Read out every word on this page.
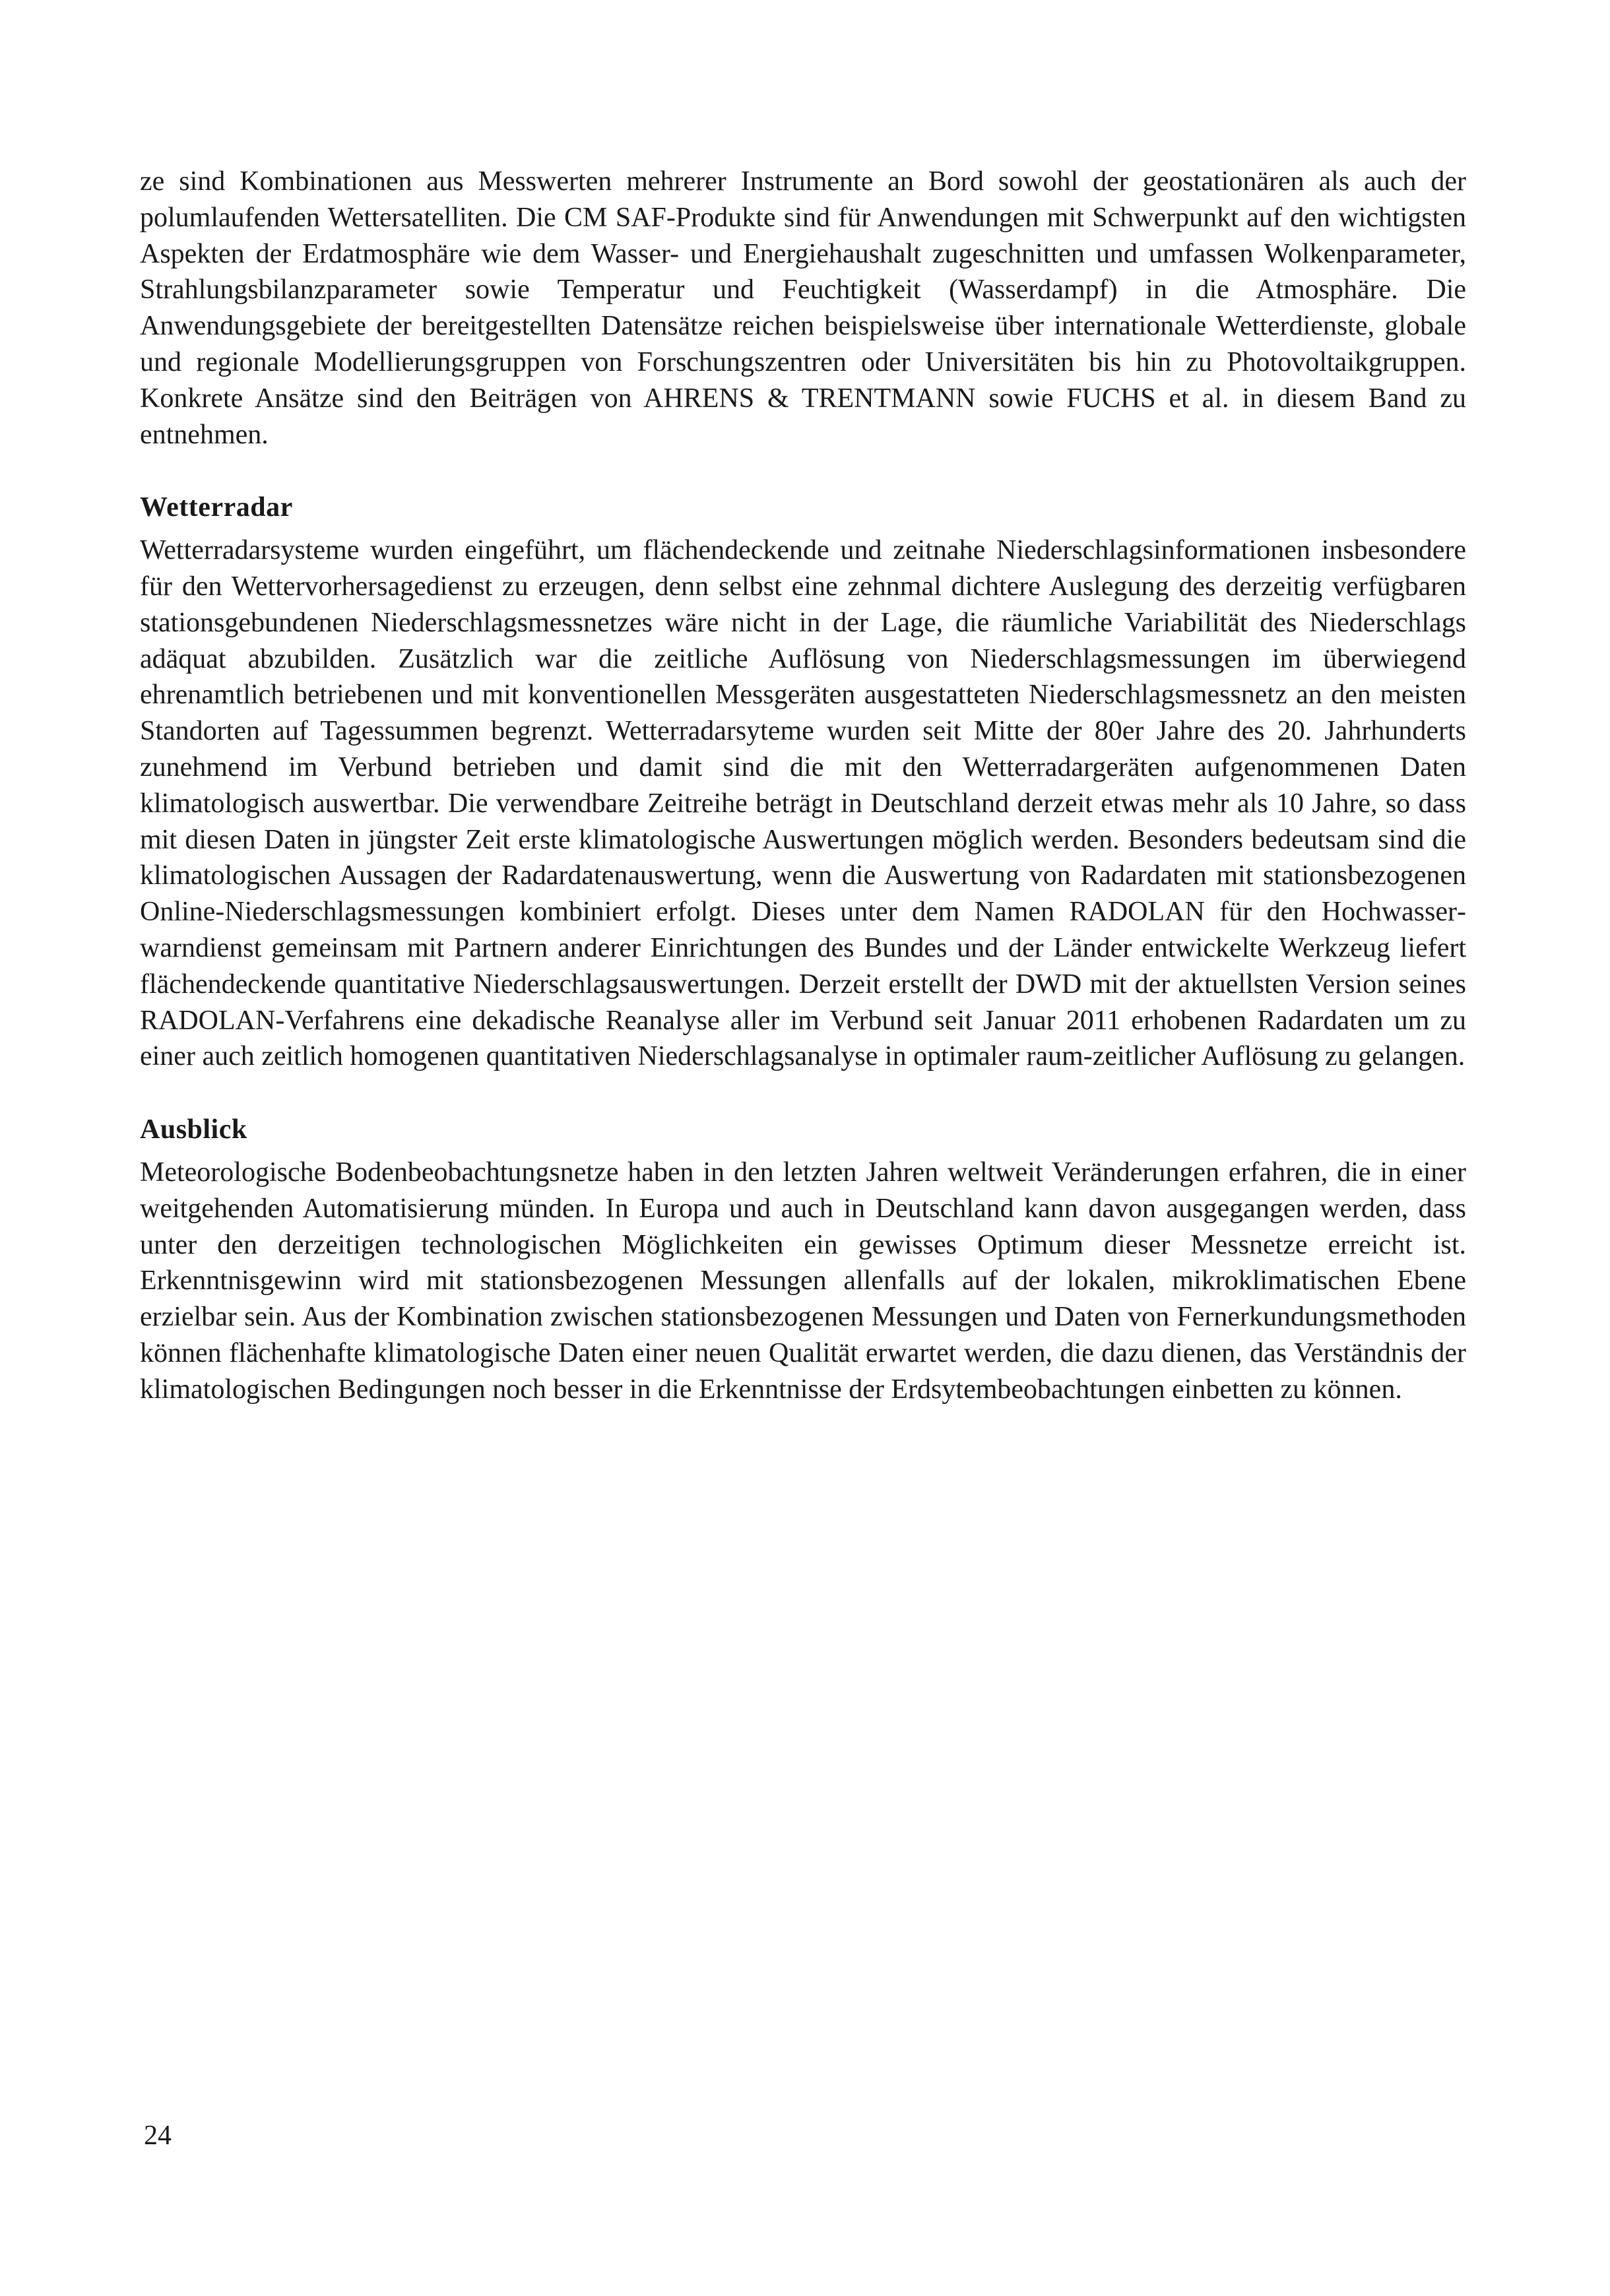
ze sind Kombinationen aus Messwerten mehrerer Instrumente an Bord sowohl der geostationären als auch der polumlaufenden Wettersatelliten. Die CM SAF-Produkte sind für Anwendungen mit Schwerpunkt auf den wichtigsten Aspekten der Erdatmosphäre wie dem Wasser- und Energiehaushalt zugeschnitten und umfassen Wolkenparameter, Strahlungsbilanzparameter sowie Temperatur und Feuchtigkeit (Wasserdampf) in die Atmosphäre. Die Anwendungsgebiete der bereitgestellten Datensätze reichen beispielsweise über internationale Wetterdienste, globale und regionale Modellierungsgruppen von Forschungszentren oder Universitäten bis hin zu Photovoltaikgruppen. Konkrete Ansätze sind den Beiträgen von AHRENS & TRENTMANN sowie FUCHS et al. in diesem Band zu entnehmen.

Wetterradar

Wetterradarsysteme wurden eingeführt, um flächendeckende und zeitnahe Niederschlagsinformationen insbesondere für den Wettervorhersagedienst zu erzeugen, denn selbst eine zehnmal dichtere Auslegung des derzeitig verfügbaren stationsgebundenen Niederschlagsmessnetzes wäre nicht in der Lage, die räumliche Variabilität des Niederschlags adäquat abzubilden. Zusätzlich war die zeitliche Auflösung von Niederschlagsmessungen im überwiegend ehrenamtlich betriebenen und mit konventionellen Messgeräten ausgestatteten Niederschlagsmessnetz an den meisten Standorten auf Tagessummen begrenzt. Wetterradarsyteme wurden seit Mitte der 80er Jahre des 20. Jahrhunderts zunehmend im Verbund betrieben und damit sind die mit den Wetterradargeräten aufgenommenen Daten klimatologisch auswertbar. Die verwendbare Zeitreihe beträgt in Deutschland derzeit etwas mehr als 10 Jahre, so dass mit diesen Daten in jüngster Zeit erste klimatologische Auswertungen möglich werden. Besonders bedeutsam sind die klimatologischen Aussagen der Radardatenauswertung, wenn die Auswertung von Radardaten mit stationsbezogenen Online-Niederschlagsmessungen kombiniert erfolgt. Dieses unter dem Namen RADOLAN für den Hochwasserwarndienst gemeinsam mit Partnern anderer Einrichtungen des Bundes und der Länder entwickelte Werkzeug liefert flächendeckende quantitative Niederschlagsauswertungen. Derzeit erstellt der DWD mit der aktuellsten Version seines RADOLAN-Verfahrens eine dekadische Reanalyse aller im Verbund seit Januar 2011 erhobenen Radardaten um zu einer auch zeitlich homogenen quantitativen Niederschlagsanalyse in optimaler raum-zeitlicher Auflösung zu gelangen.

Ausblick

Meteorologische Bodenbeobachtungsnetze haben in den letzten Jahren weltweit Veränderungen erfahren, die in einer weitgehenden Automatisierung münden. In Europa und auch in Deutschland kann davon ausgegangen werden, dass unter den derzeitigen technologischen Möglichkeiten ein gewisses Optimum dieser Messnetze erreicht ist. Erkenntnisgewinn wird mit stationsbezogenen Messungen allenfalls auf der lokalen, mikroklimatischen Ebene erzielbar sein. Aus der Kombination zwischen stationsbezogenen Messungen und Daten von Fernerkundungsmethoden können flächenhafte klimatologische Daten einer neuen Qualität erwartet werden, die dazu dienen, das Verständnis der klimatologischen Bedingungen noch besser in die Erkenntnisse der Erdsytembeobachtungen einbetten zu können.

24
